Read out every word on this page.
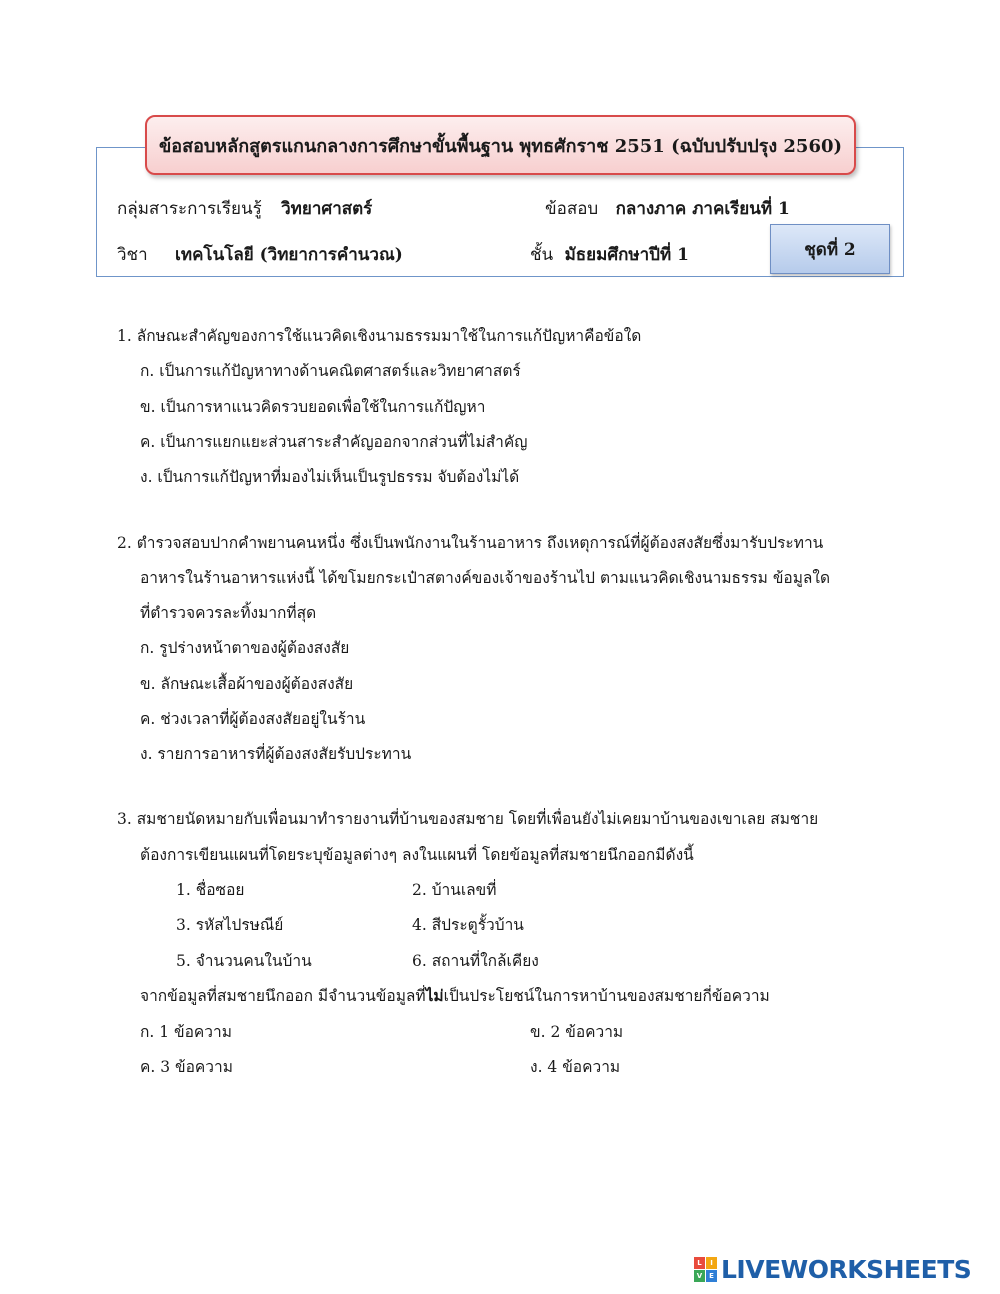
ข้อสอบหลักสูตรแกนกลางการศึกษาขั้นพื้นฐาน พุทธศักราช 2551 (ฉบับปรับปรุง 2560)
กลุ่มสาระการเรียนรู้ วิทยาศาสตร์	ข้อสอบ กลางภาค ภาคเรียนที่ 1
วิชา เทคโนโลยี (วิทยาการคำนวณ)	ชั้น มัธยมศึกษาปีที่ 1	ชุดที่ 2
1. ลักษณะสำคัญของการใช้แนวคิดเชิงนามธรรมมาใช้ในการแก้ปัญหาคือข้อใด
ก. เป็นการแก้ปัญหาทางด้านคณิตศาสตร์และวิทยาศาสตร์
ข. เป็นการหาแนวคิดรวบยอดเพื่อใช้ในการแก้ปัญหา
ค. เป็นการแยกแยะส่วนสาระสำคัญออกจากส่วนที่ไม่สำคัญ
ง. เป็นการแก้ปัญหาที่มองไม่เห็นเป็นรูปธรรม จับต้องไม่ได้
2. ตำรวจสอบปากคำพยานคนหนึ่ง ซึ่งเป็นพนักงานในร้านอาหาร ถึงเหตุการณ์ที่ผู้ต้องสงสัยซึ่งมารับประทาน
อาหารในร้านอาหารแห่งนี้ ได้ขโมยกระเป๋าสตางค์ของเจ้าของร้านไป ตามแนวคิดเชิงนามธรรม ข้อมูลใด
ที่ตำรวจควรละทิ้งมากที่สุด
ก. รูปร่างหน้าตาของผู้ต้องสงสัย
ข. ลักษณะเสื้อผ้าของผู้ต้องสงสัย
ค. ช่วงเวลาที่ผู้ต้องสงสัยอยู่ในร้าน
ง. รายการอาหารที่ผู้ต้องสงสัยรับประทาน
3. สมชายนัดหมายกับเพื่อนมาทำรายงานที่บ้านของสมชาย โดยที่เพื่อนยังไม่เคยมาบ้านของเขาเลย สมชาย
ต้องการเขียนแผนที่โดยระบุข้อมูลต่างๆ ลงในแผนที่ โดยข้อมูลที่สมชายนึกออกมีดังนี้
1. ชื่อซอย	2. บ้านเลขที่
3. รหัสไปรษณีย์	4. สีประตูรั้วบ้าน
5. จำนวนคนในบ้าน	6. สถานที่ใกล้เคียง
จากข้อมูลที่สมชายนึกออก มีจำนวนข้อมูลที่ไม่เป็นประโยชน์ในการหาบ้านของสมชายกี่ข้อความ
ก. 1 ข้อความ	ข. 2 ข้อความ
ค. 3 ข้อความ	ง. 4 ข้อความ
L	I
V E LIVEWORKSHEETS
